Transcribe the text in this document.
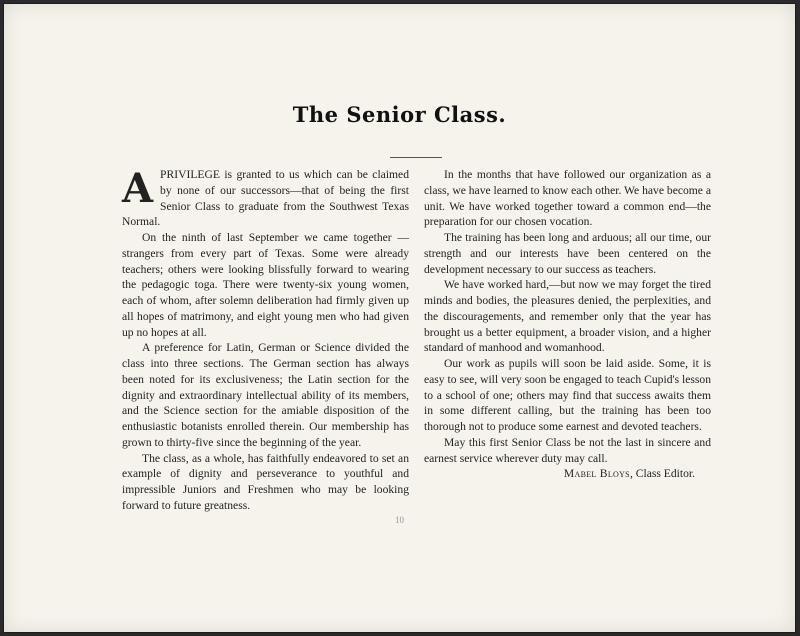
The Senior Class.

APRIVILEGE is granted to us which can be claimed by none of our successors—that of being the first Senior Class to graduate from the Southwest Texas Normal.

On the ninth of last September we came together —strangers from every part of Texas. Some were already teachers; others were looking blissfully forward to wearing the pedagogic toga. There were twenty-six young women, each of whom, after solemn deliberation had firmly given up all hopes of matrimony, and eight young men who had given up no hopes at all.

A preference for Latin, German or Science divided the class into three sections. The German section has always been noted for its exclusiveness; the Latin section for the dignity and extraordinary intellectual ability of its members, and the Science section for the amiable disposition of the enthusiastic botanists enrolled therein. Our membership has grown to thirty-five since the beginning of the year.

The class, as a whole, has faithfully endeavored to set an example of dignity and perseverance to youthful and impressible Juniors and Freshmen who may be looking forward to future greatness.

In the months that have followed our organization as a class, we have learned to know each other. We have become a unit. We have worked together toward a common end—the preparation for our chosen vocation.

The training has been long and arduous; all our time, our strength and our interests have been centered on the development necessary to our success as teachers.

We have worked hard,—but now we may forget the tired minds and bodies, the pleasures denied, the perplexities, and the discouragements, and remember only that the year has brought us a better equipment, a broader vision, and a higher standard of manhood and womanhood.

Our work as pupils will soon be laid aside. Some, it is easy to see, will very soon be engaged to teach Cupid's lesson to a school of one; others may find that success awaits them in some different calling, but the training has been too thorough not to produce some earnest and devoted teachers.

May this first Senior Class be not the last in sincere and earnest service wherever duty may call.

Mabel Bloys, Class Editor.

10
